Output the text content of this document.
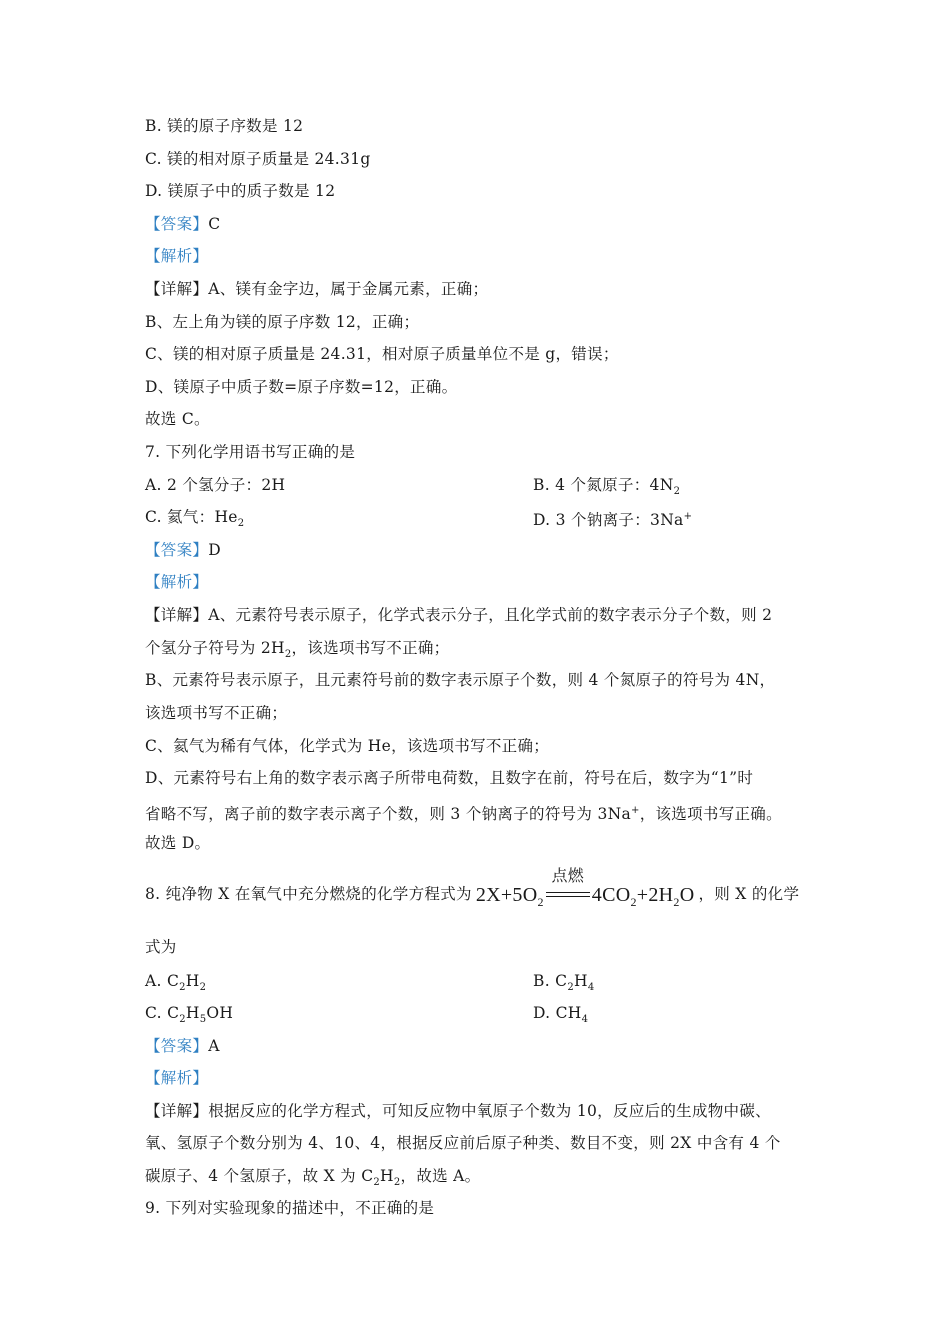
B. 镁的原子序数是 12
C. 镁的相对原子质量是 24.31g
D. 镁原子中的质子数是 12
【答案】C
【解析】
【详解】A、镁有金字边，属于金属元素，正确；
B、左上角为镁的原子序数 12，正确；
C、镁的相对原子质量是 24.31，相对原子质量单位不是 g，错误；
D、镁原子中质子数=原子序数=12，正确。
故选 C。
7. 下列化学用语书写正确的是
A. 2 个氢分子：2H	B. 4 个氮原子：$4N_2$
C. 氦气：$He_2$	D. 3 个钠离子：3Na+
【答案】D
【解析】
【详解】A、元素符号表示原子，化学式表示分子，且化学式前的数字表示分子个数，则 2
个氢分子符号为 $2H_2$，该选项书写不正确；
B、元素符号表示原子，且元素符号前的数字表示原子个数，则 4 个氮原子的符号为 4N，
该选项书写不正确；
C、氦气为稀有气体，化学式为 He，该选项书写不正确；
D、元素符号右上角的数字表示离子所带电荷数，且数字在前，符号在后，数字为“1”时
省略不写，离子前的数字表示离子个数，则 3 个钠离子的符号为 3Na+，该选项书写正确。
故选 D。
8. 纯净物 X 在氧气中充分燃烧的化学方程式为 $2X+5O_2$
点燃
$4CO_2+2H_2O$ ，则 X 的化学
式为
A. $C_2H_2$	B. $C_2H_4$
C. $C_2H_5OH$	D. $CH_4$
【答案】A
【解析】
【详解】根据反应的化学方程式，可知反应物中氧原子个数为 10，反应后的生成物中碳、
氧、氢原子个数分别为 4、10、4，根据反应前后原子种类、数目不变，则 2X 中含有 4 个
碳原子、4 个氢原子，故 X 为 $C_2H_2$，故选 A。
9. 下列对实验现象的描述中，不正确的是
